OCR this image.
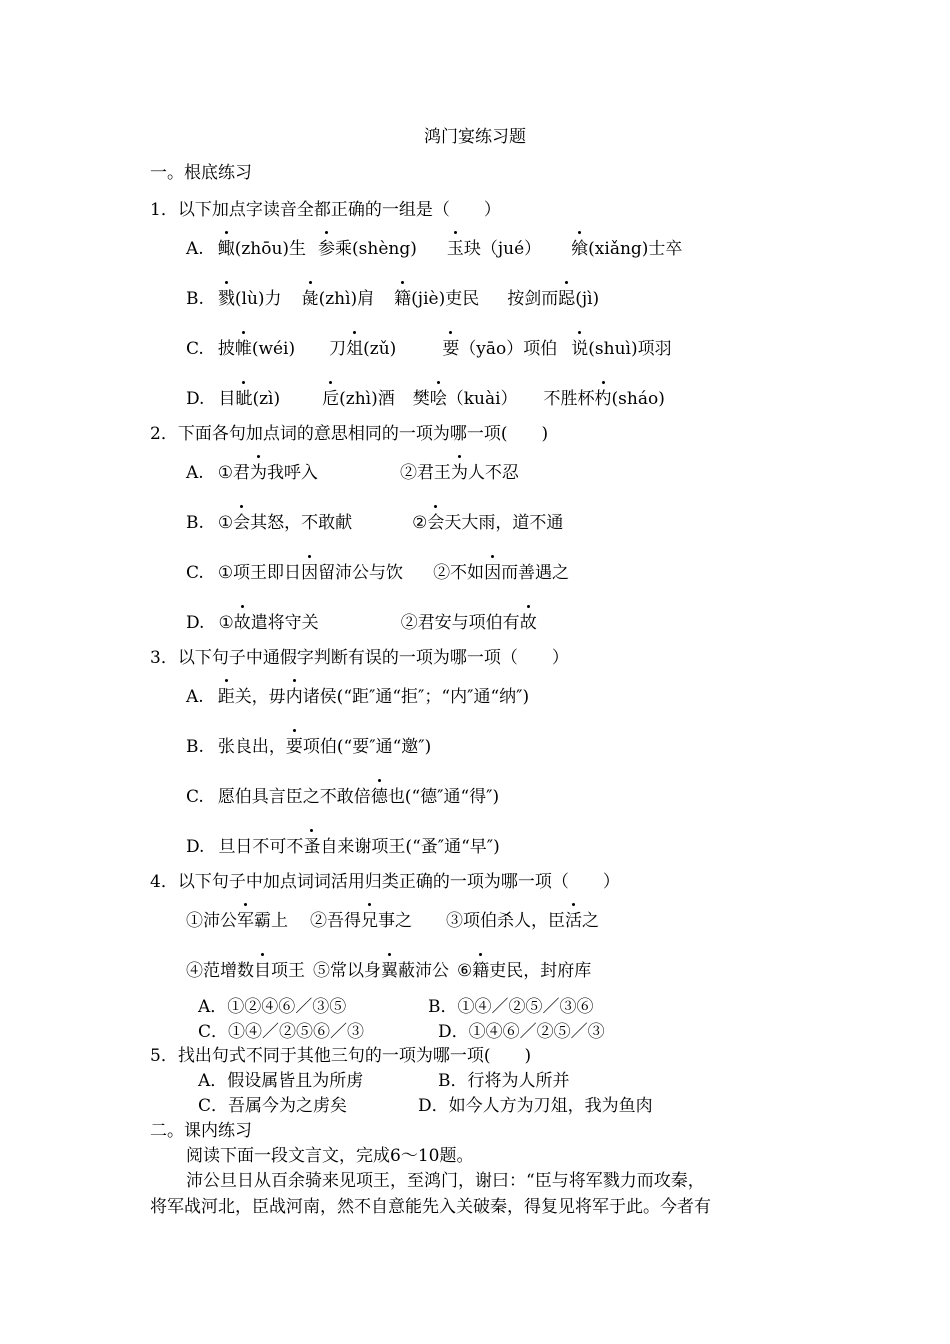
鸿门宴练习题
一。根底练习
1．以下加点字读音全都正确的一组是（　　）
A. 鲰(zhōu)生 参乘(shèng) 玉玦（jué） 飨(xiǎng)士卒
B. 戮(lù)力 彘(zhì)肩 籍(jiè)吏民 按剑而跽(jì)
C. 披帷(wéi) 刀俎(zǔ)	要（yāo）项伯 说(shuì)项羽
D. 目眦(zì) 卮(zhì)酒 樊哙（kuài） 不胜杯杓(sháo)
2．下面各句加点词的意思相同的一项为哪一项(　　)
A. ①君为我呼入	②君王为人不忍
B. ①会其怒，不敢献	②会天大雨，道不通
C. ①项王即日因留沛公与饮 ②不如因而善遇之
D. ①故遣将守关	②君安与项伯有故
3．以下句子中通假字判断有误的一项为哪一项（　　）
A. 距关，毋内诸侯(“距″通“拒″；“内″通“纳″)
B. 张良出，要项伯(“要″通“邀″)
C. 愿伯具言臣之不敢倍德也(“德″通“得″)
D. 旦日不可不蚤自来谢项王(“蚤″通“早″)
4．以下句子中加点词词活用归类正确的一项为哪一项（　　）
①沛公军霸上 ②吾得兄事之 ③项伯杀人，臣活之
④范增数目项王 ⑤常以身翼蔽沛公 ⑥籍吏民，封府库
A．①②④⑥／③⑤	B．①④／②⑤／③⑥
C．①④／②⑤⑥／③	D．①④⑥／②⑤／③
5．找出句式不同于其他三句的一项为哪一项(　　)
A．假设属皆且为所虏	B．行将为人所并
C．吾属今为之虏矣	D．如今人方为刀俎，我为鱼肉
二。课内练习
阅读下面一段文言文，完成6～10题。
沛公旦日从百余骑来见项王，至鸿门，谢曰：“臣与将军戮力而攻秦，
将军战河北，臣战河南，然不自意能先入关破秦，得复见将军于此。今者有
